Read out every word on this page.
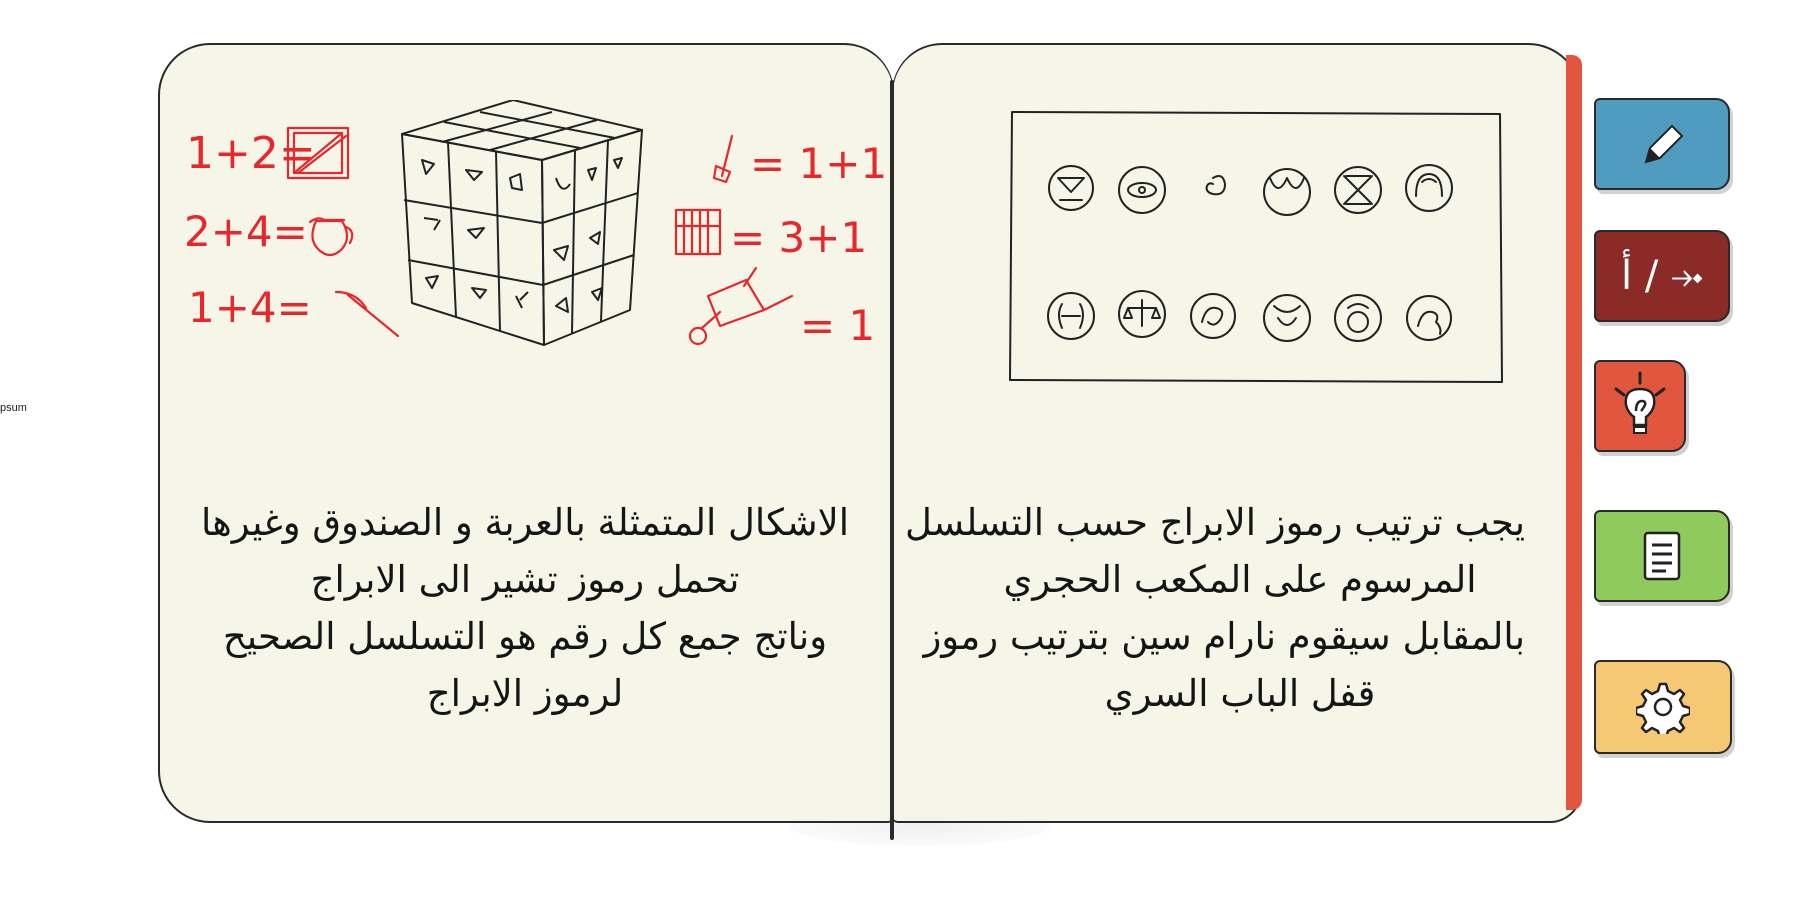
psum
1+2=
2+4=
1+4=
= 1+1
= 3+1
= 1
الاشكال المتمثلة بالعربة و الصندوق وغيرها
تحمل رموز تشير الى الابراج
وناتج جمع كل رقم هو التسلسل الصحيح
لرموز الابراج
يجب ترتيب رموز الابراج حسب التسلسل
المرسوم على المكعب الحجري
بالمقابل سيقوم نارام سين بترتيب رموز
قفل الباب السري
أ / ⤞
